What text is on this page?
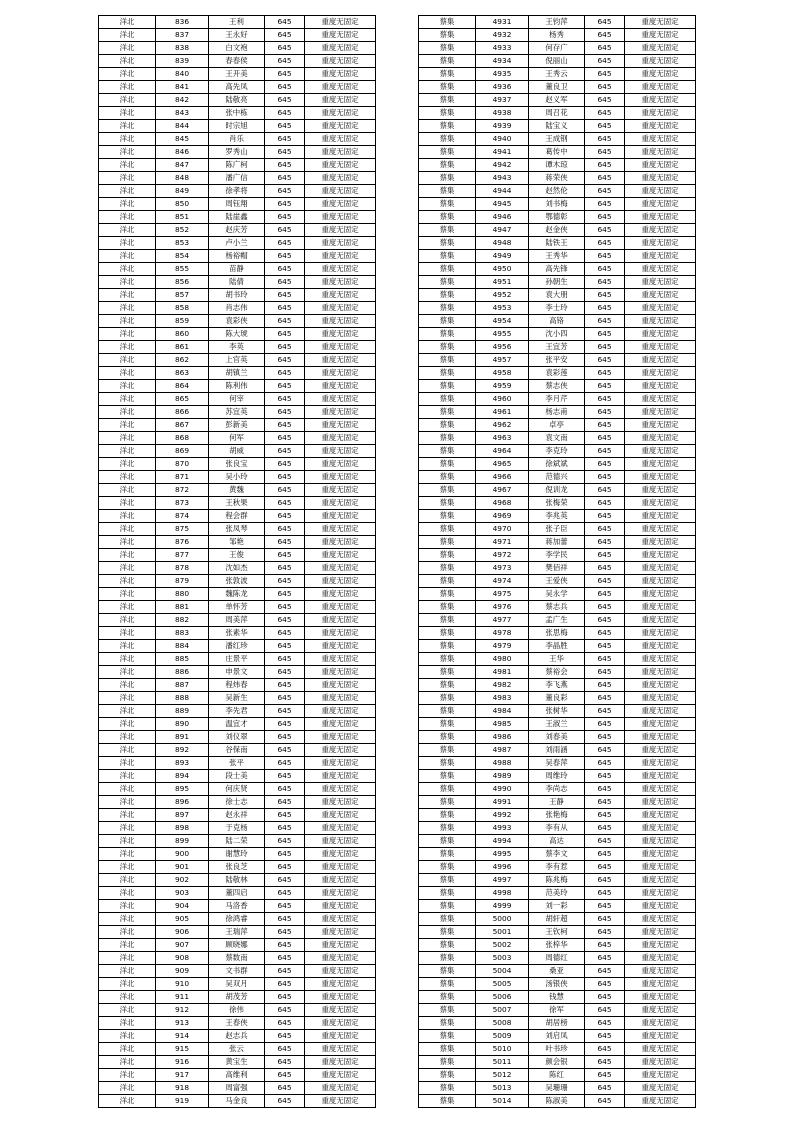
洋北	836	王利	645	重度无固定
洋北	837	王永好	645	重度无固定
洋北	838	白文袍	645	重度无固定
洋北	839	春春侯	645	重度无固定
洋北	840	王开美	645	重度无固定
洋北	841	高先凤	645	重度无固定
洋北	842	陆敬亮	645	重度无固定
洋北	843	张中栋	645	重度无固定
洋北	844	时宗旭	645	重度无固定
洋北	845	肖乐	645	重度无固定
洋北	846	罗秀山	645	重度无固定
洋北	847	陈广柯	645	重度无固定
洋北	848	潘广信	645	重度无固定
洋北	849	徐孝将	645	重度无固定
洋北	850	周钰翔	645	重度无固定
洋北	851	陆崖鑫	645	重度无固定
洋北	852	赵庆芳	645	重度无固定
洋北	853	卢小兰	645	重度无固定
洋北	854	杨裕帽	645	重度无固定
洋北	855	苗静	645	重度无固定
洋北	856	陆倩	645	重度无固定
洋北	857	胡书玲	645	重度无固定
洋北	858	肖志伟	645	重度无固定
洋北	859	袁彩侠	645	重度无固定
洋北	860	陈大琥	645	重度无固定
洋北	861	李英	645	重度无固定
洋北	862	上官英	645	重度无固定
洋北	863	胡镇兰	645	重度无固定
洋北	864	陈利伟	645	重度无固定
洋北	865	何宰	645	重度无固定
洋北	866	苏宜英	645	重度无固定
洋北	867	彭新美	645	重度无固定
洋北	868	何军	645	重度无固定
洋北	869	胡威	645	重度无固定
洋北	870	张良宝	645	重度无固定
洋北	871	吴小玲	645	重度无固定
洋北	872	黄魏	645	重度无固定
洋北	873	王秋果	645	重度无固定
洋北	874	程会群	645	重度无固定
洋北	875	张凤琴	645	重度无固定
洋北	876	邹艳	645	重度无固定
洋北	877	王俊	645	重度无固定
洋北	878	沈如杰	645	重度无固定
洋北	879	张敦波	645	重度无固定
洋北	880	魏陈龙	645	重度无固定
洋北	881	单怀芳	645	重度无固定
洋北	882	周美萍	645	重度无固定
洋北	883	张素华	645	重度无固定
洋北	884	潘红珍	645	重度无固定
洋北	885	庄景平	645	重度无固定
洋北	886	申景文	645	重度无固定
洋北	887	程炜春	645	重度无固定
洋北	888	吴新生	645	重度无固定
洋北	889	李先君	645	重度无固定
洋北	890	温宜才	645	重度无固定
洋北	891	刘仪翠	645	重度无固定
洋北	892	谷保南	645	重度无固定
洋北	893	张平	645	重度无固定
洋北	894	段士美	645	重度无固定
洋北	895	何庆贤	645	重度无固定
洋北	896	徐士志	645	重度无固定
洋北	897	赵永祥	645	重度无固定
洋北	898	于克杨	645	重度无固定
洋北	899	陆二荣	645	重度无固定
洋北	900	谢慧玲	645	重度无固定
洋北	901	张良芝	645	重度无固定
洋北	902	陆敬林	645	重度无固定
洋北	903	董四启	645	重度无固定
洋北	904	马洛香	645	重度无固定
洋北	905	徐鸿睿	645	重度无固定
洋北	906	王瑞萍	645	重度无固定
洋北	907	顾晓娜	645	重度无固定
洋北	908	蔡数南	645	重度无固定
洋北	909	文书群	645	重度无固定
洋北	910	吴双月	645	重度无固定
洋北	911	胡茂芳	645	重度无固定
洋北	912	徐伟	645	重度无固定
洋北	913	王春侠	645	重度无固定
洋北	914	赵志兵	645	重度无固定
洋北	915	张云	645	重度无固定
洋北	916	黄宝生	645	重度无固定
洋北	917	高维利	645	重度无固定
洋北	918	周富强	645	重度无固定
洋北	919	马金良	645	重度无固定
蔡集	4931	王钧萍	645	重度无固定
蔡集	4932	杨秀	645	重度无固定
蔡集	4933	何存广	645	重度无固定
蔡集	4934	倪丽山	645	重度无固定
蔡集	4935	王秀云	645	重度无固定
蔡集	4936	董良卫	645	重度无固定
蔡集	4937	赵义军	645	重度无固定
蔡集	4938	周召花	645	重度无固定
蔡集	4939	陆宝义	645	重度无固定
蔡集	4940	王成钢	645	重度无固定
蔡集	4941	葛传中	645	重度无固定
蔡集	4942	谭木琼	645	重度无固定
蔡集	4943	蒋荣侠	645	重度无固定
蔡集	4944	赵然伦	645	重度无固定
蔡集	4945	刘书梅	645	重度无固定
蔡集	4946	鄂德彰	645	重度无固定
蔡集	4947	赵金侠	645	重度无固定
蔡集	4948	陆铁王	645	重度无固定
蔡集	4949	王秀华	645	重度无固定
蔡集	4950	高先锋	645	重度无固定
蔡集	4951	孙朝生	645	重度无固定
蔡集	4952	袁大朋	645	重度无固定
蔡集	4953	李士玲	645	重度无固定
蔡集	4954	高铬	645	重度无固定
蔡集	4955	沈小四	645	重度无固定
蔡集	4956	王宜芳	645	重度无固定
蔡集	4957	张平安	645	重度无固定
蔡集	4958	袁彩莲	645	重度无固定
蔡集	4959	蔡志侠	645	重度无固定
蔡集	4960	李月芹	645	重度无固定
蔡集	4961	杨志甫	645	重度无固定
蔡集	4962	卓亭	645	重度无固定
蔡集	4963	袁文南	645	重度无固定
蔡集	4964	李克玲	645	重度无固定
蔡集	4965	徐斌斌	645	重度无固定
蔡集	4966	范德兴	645	重度无固定
蔡集	4967	倪训龙	645	重度无固定
蔡集	4968	张梅荣	645	重度无固定
蔡集	4969	李兆英	645	重度无固定
蔡集	4970	张子臣	645	重度无固定
蔡集	4971	蒋加蕾	645	重度无固定
蔡集	4972	李学民	645	重度无固定
蔡集	4973	樊佰祥	645	重度无固定
蔡集	4974	王爱侠	645	重度无固定
蔡集	4975	吴永学	645	重度无固定
蔡集	4976	蔡志兵	645	重度无固定
蔡集	4977	孟广生	645	重度无固定
蔡集	4978	张思梅	645	重度无固定
蔡集	4979	李晶胜	645	重度无固定
蔡集	4980	王华	645	重度无固定
蔡集	4981	蔡裕会	645	重度无固定
蔡集	4982	李飞燕	645	重度无固定
蔡集	4983	董良彩	645	重度无固定
蔡集	4984	张树华	645	重度无固定
蔡集	4985	王淑兰	645	重度无固定
蔡集	4986	刘春美	645	重度无固定
蔡集	4987	刘雨涵	645	重度无固定
蔡集	4988	吴春萍	645	重度无固定
蔡集	4989	周维玲	645	重度无固定
蔡集	4990	李尚志	645	重度无固定
蔡集	4991	王静	645	重度无固定
蔡集	4992	张艳梅	645	重度无固定
蔡集	4993	李有从	645	重度无固定
蔡集	4994	高达	645	重度无固定
蔡集	4995	蔡李文	645	重度无固定
蔡集	4996	李有惹	645	重度无固定
蔡集	4997	陈兆梅	645	重度无固定
蔡集	4998	范美玲	645	重度无固定
蔡集	4999	刘一彩	645	重度无固定
蔡集	5000	胡轩超	645	重度无固定
蔡集	5001	王钦柯	645	重度无固定
蔡集	5002	张梓华	645	重度无固定
蔡集	5003	周德红	645	重度无固定
蔡集	5004	桑亚	645	重度无固定
蔡集	5005	汤银侠	645	重度无固定
蔡集	5006	钱慧	645	重度无固定
蔡集	5007	徐军	645	重度无固定
蔡集	5008	胡居榜	645	重度无固定
蔡集	5009	刘启凤	645	重度无固定
蔡集	5010	叶书珍	645	重度无固定
蔡集	5011	颜会银	645	重度无固定
蔡集	5012	陈红	645	重度无固定
蔡集	5013	吴珊珊	645	重度无固定
蔡集	5014	陈淑美	645	重度无固定
